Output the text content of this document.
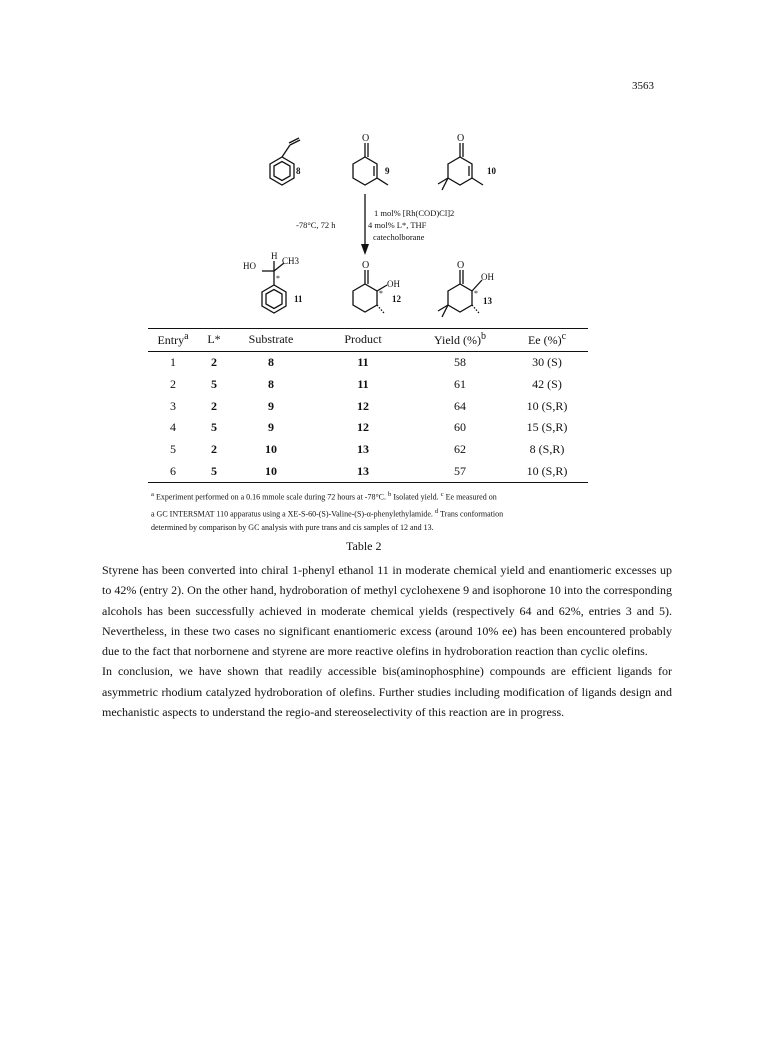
3563
O	O
O	O
8	9	10
1 mol% [Rh(COD)Cl]2
-78°C, 72 h	4 mol% L*, THF
catecholborane
H
HO	CH3
*
11
OH
*
12
OH
*
13
Entry$^a$	L*	Substrate	Product	Yield (%)$^b$	Ee (%)$^c$
1	2	8	11	58	30 (S)
2	5	8	11	61	42 (S)
3	2	9	12	64	10 (S,R)
4	5	9	12	60	15 (S,R)
5	2	10	13	62	8 (S,R)
6	5	10	13	57	10 (S,R)
$^a$ Experiment performed on a 0.16 mmole scale during 72 hours at -78°C. $^b$ Isolated yield. $^c$ Ee measured on
a GC INTERSMAT 110 apparatus using a XE-S-60-(S)-Valine-(S)-α-phenylethylamide. $^d$ Trans conformation
determined by comparison by GC analysis with pure trans and cis samples of 12 and 13.
Table 2

Styrene has been converted into chiral 1-phenyl ethanol 11 in moderate chemical yield and enantiomeric excesses up to 42% (entry 2). On the other hand, hydroboration of methyl cyclohexene 9 and isophorone 10 into the corresponding alcohols has been successfully achieved in moderate chemical yields (respectively 64 and 62%, entries 3 and 5). Nevertheless, in these two cases no significant enantiomeric excess (around 10% ee) has been encountered probably due to the fact that norbornene and styrene are more reactive olefins in hydroboration reaction than cyclic olefins.

In conclusion, we have shown that readily accessible bis(aminophosphine) compounds are efficient ligands for asymmetric rhodium catalyzed hydroboration of olefins. Further studies including modification of ligands design and mechanistic aspects to understand the regio-and stereoselectivity of this reaction are in progress.
